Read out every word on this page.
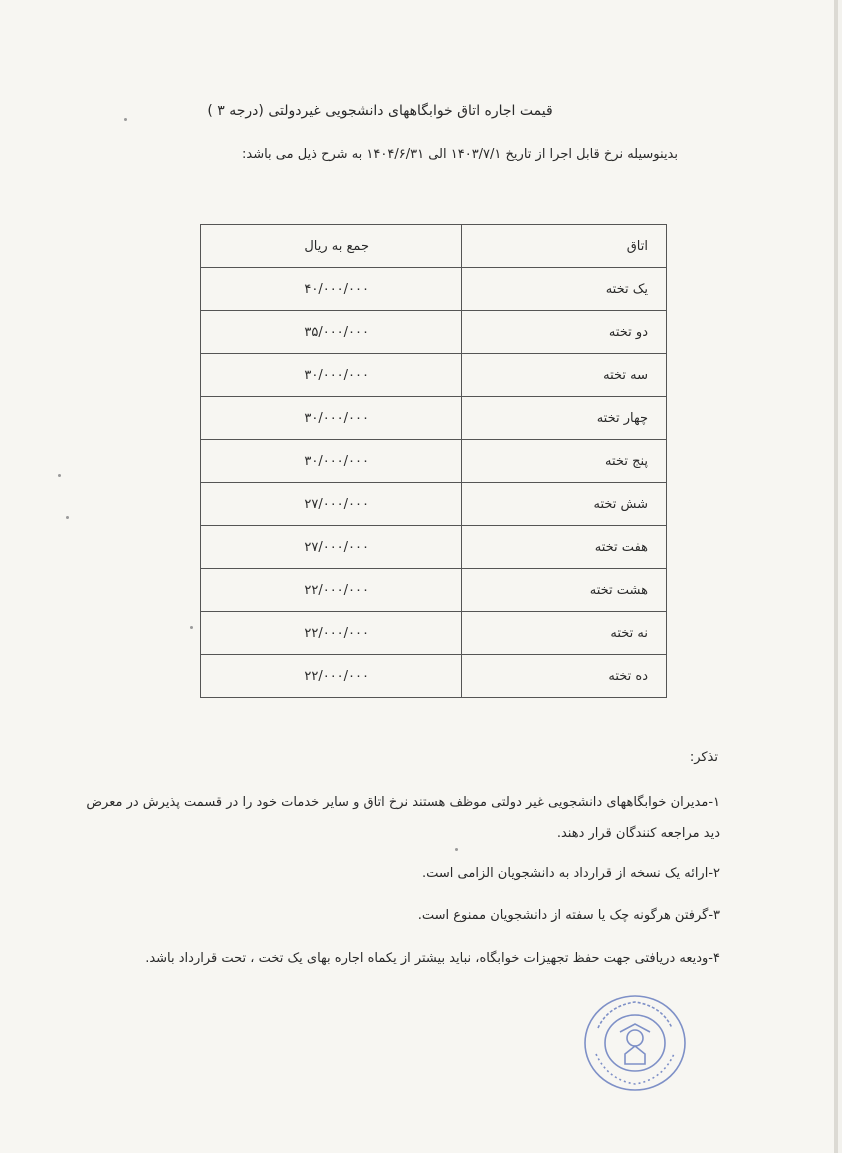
قیمت اجاره اتاق خوابگاههای دانشجویی غیردولتی (درجه ۳ )
بدینوسیله نرخ قابل اجرا از تاریخ ۱۴۰۳/۷/۱ الی ۱۴۰۴/۶/۳۱ به شرح ذیل می باشد:
اتاق	جمع به ریال
یک تخته	۴۰/۰۰۰/۰۰۰
دو تخته	۳۵/۰۰۰/۰۰۰
سه تخته	۳۰/۰۰۰/۰۰۰
چهار تخته	۳۰/۰۰۰/۰۰۰
پنج تخته	۳۰/۰۰۰/۰۰۰
شش تخته	۲۷/۰۰۰/۰۰۰
هفت تخته	۲۷/۰۰۰/۰۰۰
هشت تخته	۲۲/۰۰۰/۰۰۰
نه تخته	۲۲/۰۰۰/۰۰۰
ده تخته	۲۲/۰۰۰/۰۰۰
تذکر:
۱-مدیران خوابگاههای دانشجویی غیر دولتی موظف هستند نرخ اتاق و سایر خدمات خود را در قسمت پذیرش در معرض دید مراجعه کنندگان قرار دهند.
۲-ارائه یک نسخه از قرارداد به دانشجویان الزامی است.
۳-گرفتن هرگونه چک یا سفته از دانشجویان ممنوع است.
۴-ودیعه دریافتی جهت حفظ تجهیزات خوابگاه، نباید بیشتر از یکماه اجاره بهای یک تخت ، تحت قرارداد باشد.
